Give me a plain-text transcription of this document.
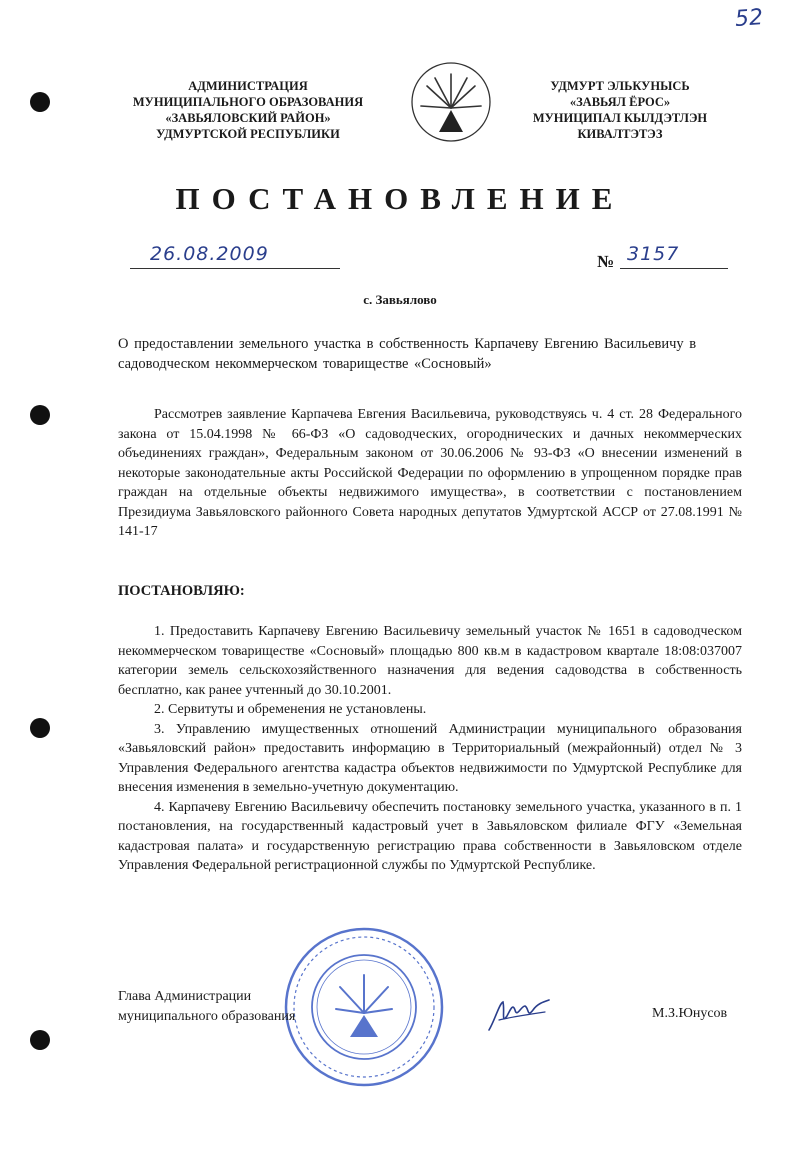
52
АДМИНИСТРАЦИЯ
МУНИЦИПАЛЬНОГО ОБРАЗОВАНИЯ
«ЗАВЬЯЛОВСКИЙ РАЙОН»
УДМУРТСКОЙ РЕСПУБЛИКИ
УДМУРТ ЭЛЬКУНЫСЬ
«ЗАВЬЯЛ ЁРОС»
МУНИЦИПАЛ КЫЛДЭТЛЭН
КИВАЛТЭТЭЗ
ПОСТАНОВЛЕНИЕ
26.08.2009	№ 3157
с. Завьялово
О предоставлении земельного участка в собственность Карпачеву Евгению Васильевичу в садоводческом некоммерческом товариществе «Сосновый»

Рассмотрев заявление Карпачева Евгения Васильевича, руководствуясь ч. 4 ст. 28 Федерального закона от 15.04.1998 № 66-ФЗ «О садоводческих, огороднических и дачных некоммерческих объединениях граждан», Федеральным законом от 30.06.2006 № 93-ФЗ «О внесении изменений в некоторые законодательные акты Российской Федерации по оформлению в упрощенном порядке прав граждан на отдельные объекты недвижимого имущества», в соответствии с постановлением Президиума Завьяловского районного Совета народных депутатов Удмуртской АССР от 27.08.1991 № 141-17

ПОСТАНОВЛЯЮ:

1. Предоставить Карпачеву Евгению Васильевичу земельный участок № 1651 в садоводческом некоммерческом товариществе «Сосновый» площадью 800 кв.м в кадастровом квартале 18:08:037007 категории земель сельскохозяйственного назначения для ведения садоводства в собственность бесплатно, как ранее учтенный до 30.10.2001.

2. Сервитуты и обременения не установлены.

3. Управлению имущественных отношений Администрации муниципального образования «Завьяловский район» предоставить информацию в Территориальный (межрайонный) отдел № 3 Управления Федерального агентства кадастра объектов недвижимости по Удмуртской Республике для внесения изменения в земельно-учетную документацию.

4. Карпачеву Евгению Васильевичу обеспечить постановку земельного участка, указанного в п. 1 постановления, на государственный кадастровый учет в Завьяловском филиале ФГУ «Земельная кадастровая палата» и государственную регистрацию права собственности в Завьяловском отделе Управления Федеральной регистрационной службы по Удмуртской Республике.

Глава Администрации
муниципального образования	М.З.Юнусов
